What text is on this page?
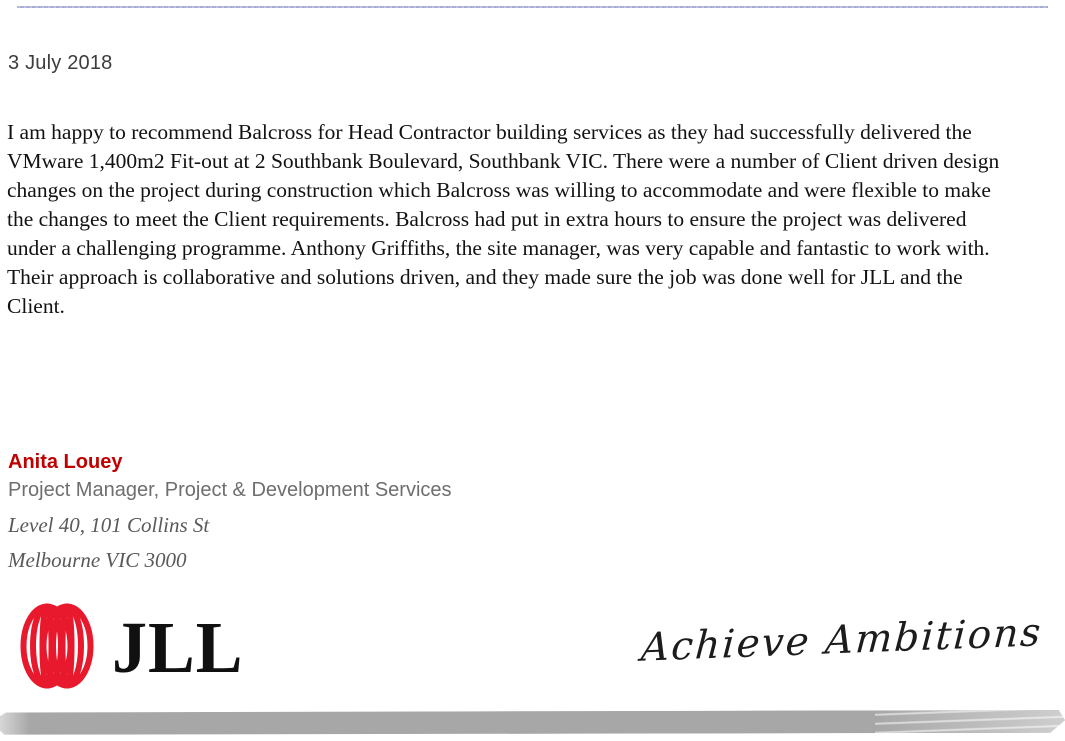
3 July 2018
I am happy to recommend Balcross for Head Contractor building services as they had successfully delivered the VMware 1,400m2 Fit-out at 2 Southbank Boulevard, Southbank VIC. There were a number of Client driven design changes on the project during construction which Balcross was willing to accommodate and were flexible to make the changes to meet the Client requirements. Balcross had put in extra hours to ensure the project was delivered under a challenging programme. Anthony Griffiths, the site manager, was very capable and fantastic to work with. Their approach is collaborative and solutions driven, and they made sure the job was done well for JLL and the Client.
Anita Louey
Project Manager, Project & Development Services
Level 40, 101 Collins St
Melbourne VIC 3000
JLL	Achieve Ambitions
